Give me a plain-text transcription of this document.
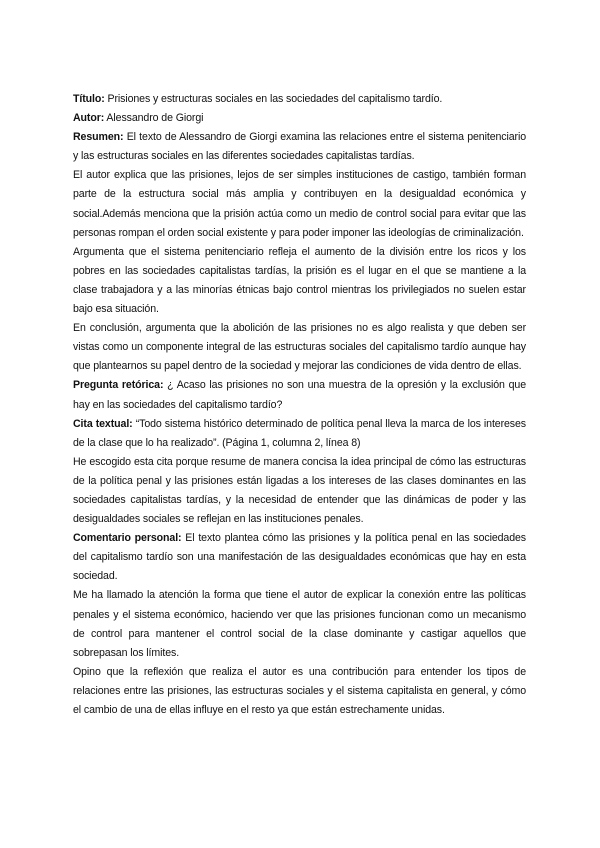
Título: Prisiones y estructuras sociales en las sociedades del capitalismo tardío.

Autor: Alessandro de Giorgi

Resumen: El texto de Alessandro de Giorgi examina las relaciones entre el sistema penitenciario y las estructuras sociales en las diferentes sociedades capitalistas tardías.

El autor explica que las prisiones, lejos de ser simples instituciones de castigo, también forman parte de la estructura social más amplia y contribuyen en la desigualdad económica y social.Además menciona que la prisión actúa como un medio de control social para evitar que las personas rompan el orden social existente y para poder imponer las ideologías de criminalización.

Argumenta que el sistema penitenciario refleja el aumento de la división entre los ricos y los pobres en las sociedades capitalistas tardías, la prisión es el lugar en el que se mantiene a la clase trabajadora y a las minorías étnicas bajo control mientras los privilegiados no suelen estar bajo esa situación.

En conclusión, argumenta que la abolición de las prisiones no es algo realista y que deben ser vistas como un componente integral de las estructuras sociales del capitalismo tardío aunque hay que plantearnos su papel dentro de la sociedad y mejorar las condiciones de vida dentro de ellas.

Pregunta retórica: ¿ Acaso las prisiones no son una muestra de la opresión y la exclusión que hay en las sociedades del capitalismo tardío?

Cita textual: “Todo sistema histórico determinado de política penal lleva la marca de los intereses de la clase que lo ha realizado”. (Página 1, columna 2, línea 8)

He escogido esta cita porque resume de manera concisa la idea principal de cómo las estructuras de la política penal y las prisiones están ligadas a los intereses de las clases dominantes en las sociedades capitalistas tardías, y la necesidad de entender que las dinámicas de poder y las desigualdades sociales se reflejan en las instituciones penales.

Comentario personal: El texto plantea cómo las prisiones y la política penal en las sociedades del capitalismo tardío son una manifestación de las desigualdades económicas que hay en esta sociedad.

Me ha llamado la atención la forma que tiene el autor de explicar la conexión entre las políticas penales y el sistema económico, haciendo ver que las prisiones funcionan como un mecanismo de control para mantener el control social de la clase dominante y castigar aquellos que sobrepasan los límites.

Opino que la reflexión que realiza el autor es una contribución para entender los tipos de relaciones entre las prisiones, las estructuras sociales y el sistema capitalista en general, y cómo el cambio de una de ellas influye en el resto ya que están estrechamente unidas.
